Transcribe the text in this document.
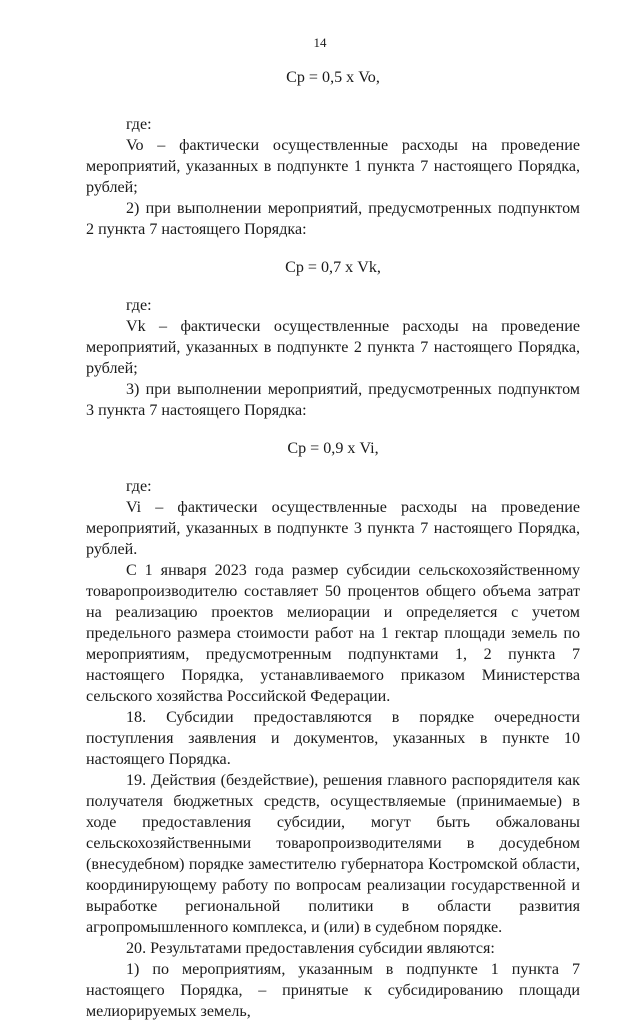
14

Ср = 0,5 х Vo,

где:

Vo – фактически осуществленные расходы на проведение мероприятий, указанных в подпункте 1 пункта 7 настоящего Порядка, рублей;

2) при выполнении мероприятий, предусмотренных подпунктом 2 пункта 7 настоящего Порядка:

Ср = 0,7 х Vk,

где:

Vk – фактически осуществленные расходы на проведение мероприятий, указанных в подпункте 2 пункта 7 настоящего Порядка, рублей;

3) при выполнении мероприятий, предусмотренных подпунктом 3 пункта 7 настоящего Порядка:

Ср = 0,9 х Vi,

где:

Vi – фактически осуществленные расходы на проведение мероприятий, указанных в подпункте 3 пункта 7 настоящего Порядка, рублей.

С 1 января 2023 года размер субсидии сельскохозяйственному товаропроизводителю составляет 50 процентов общего объема затрат на реализацию проектов мелиорации и определяется с учетом предельного размера стоимости работ на 1 гектар площади земель по мероприятиям, предусмотренным подпунктами 1, 2 пункта 7 настоящего Порядка, устанавливаемого приказом Министерства сельского хозяйства Российской Федерации.

18. Субсидии предоставляются в порядке очередности поступления заявления и документов, указанных в пункте 10 настоящего Порядка.

19. Действия (бездействие), решения главного распорядителя как получателя бюджетных средств, осуществляемые (принимаемые) в ходе предоставления субсидии, могут быть обжалованы сельскохозяйственными товаропроизводителями в досудебном (внесудебном) порядке заместителю губернатора Костромской области, координирующему работу по вопросам реализации государственной и выработке региональной политики в области развития агропромышленного комплекса, и (или) в судебном порядке.

20. Результатами предоставления субсидии являются:

1) по мероприятиям, указанным в подпункте 1 пункта 7 настоящего Порядка, – принятые к субсидированию площади мелиорируемых земель,
